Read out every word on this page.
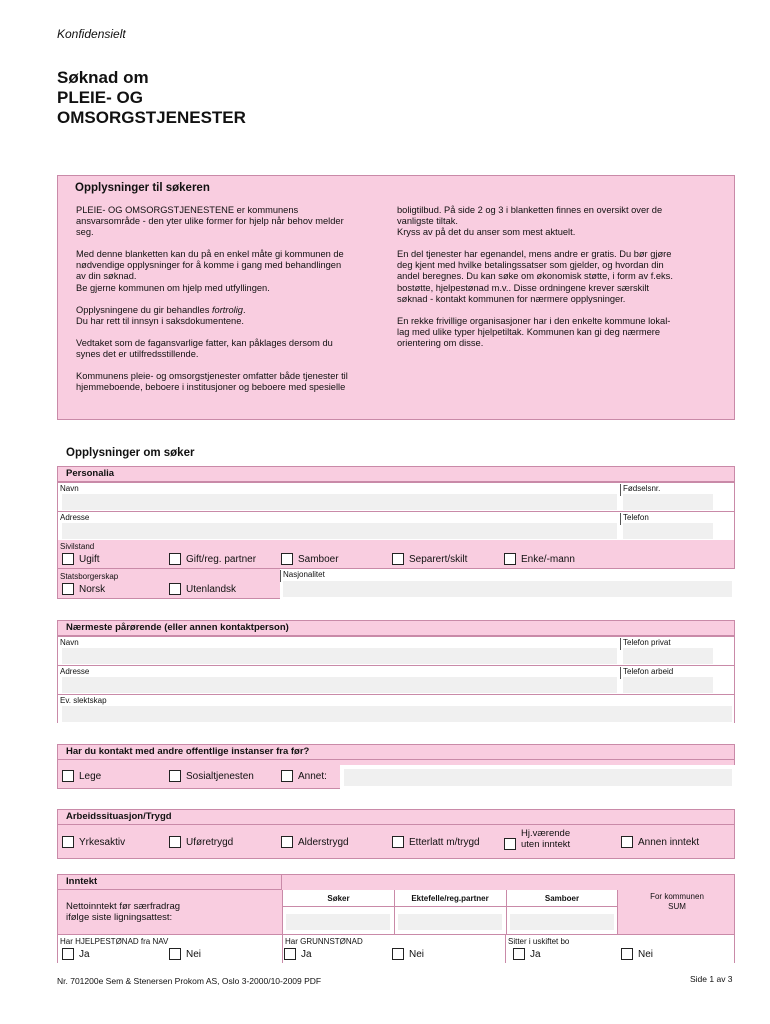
Konfidensielt
Søknad om
PLEIE- OG
OMSORGSTJENESTER
Opplysninger til søkeren

PLEIE- OG OMSORGSTJENESTENE er kommunens
ansvarsområde - den yter ulike former for hjelp når behov melder
seg.

Med denne blanketten kan du på en enkel måte gi kommunen de
nødvendige opplysninger for å komme i gang med behandlingen
av din søknad.
Be gjerne kommunen om hjelp med utfyllingen.

Opplysningene du gir behandles fortrolig.
Du har rett til innsyn i saksdokumentene.

Vedtaket som de fagansvarlige fatter, kan påklages dersom du
synes det er utilfredsstillende.

Kommunens pleie- og omsorgstjenester omfatter både tjenester til
hjemmeboende, beboere i institusjoner og beboere med spesielle

boligtilbud. På side 2 og 3 i blanketten finnes en oversikt over de
vanligste tiltak.
Kryss av på det du anser som mest aktuelt.

En del tjenester har egenandel, mens andre er gratis. Du bør gjøre
deg kjent med hvilke betalingssatser som gjelder, og hvordan din
andel beregnes. Du kan søke om økonomisk støtte, i form av f.eks.
bostøtte, hjelpestønad m.v.. Disse ordningene krever særskilt
søknad - kontakt kommunen for nærmere opplysninger.

En rekke frivillige organisasjoner har i den enkelte kommune lokal-
lag med ulike typer hjelpetiltak. Kommunen kan gi deg nærmere
orientering om disse.

Opplysninger om søker
Personalia
Navn	Fødselsnr.
Adresse	Telefon
Sivilstand
Ugift	Gift/reg. partner	Samboer	Separert/skilt	Enke/-mann
Statsborgerskap
Norsk	Utenlandsk
Nasjonalitet
Nærmeste pårørende (eller annen kontaktperson)
Navn	Telefon privat
Adresse	Telefon arbeid
Ev. slektskap
Har du kontakt med andre offentlige instanser fra før?
Lege	Sosialtjenesten	Annet:
Arbeidssituasjon/Trygd
Yrkesaktiv	Uføretrygd	Alderstrygd	Etterlatt m/trygd
Hj.værende
uten inntekt	Annen inntekt
Inntekt
Nettoinntekt før særfradrag
ifølge siste ligningsattest:
Søker	Ektefelle/reg.partner	Samboer	For kommunen
SUM
Har HJELPESTØNAD fra NAV
Ja	Nei
Har GRUNNSTØNAD
Ja	Nei
Sitter i uskiftet bo
Ja	Nei
Nr. 701200e Sem & Stenersen Prokom AS, Oslo 3-2000/10-2009 PDF	Side 1 av 3
